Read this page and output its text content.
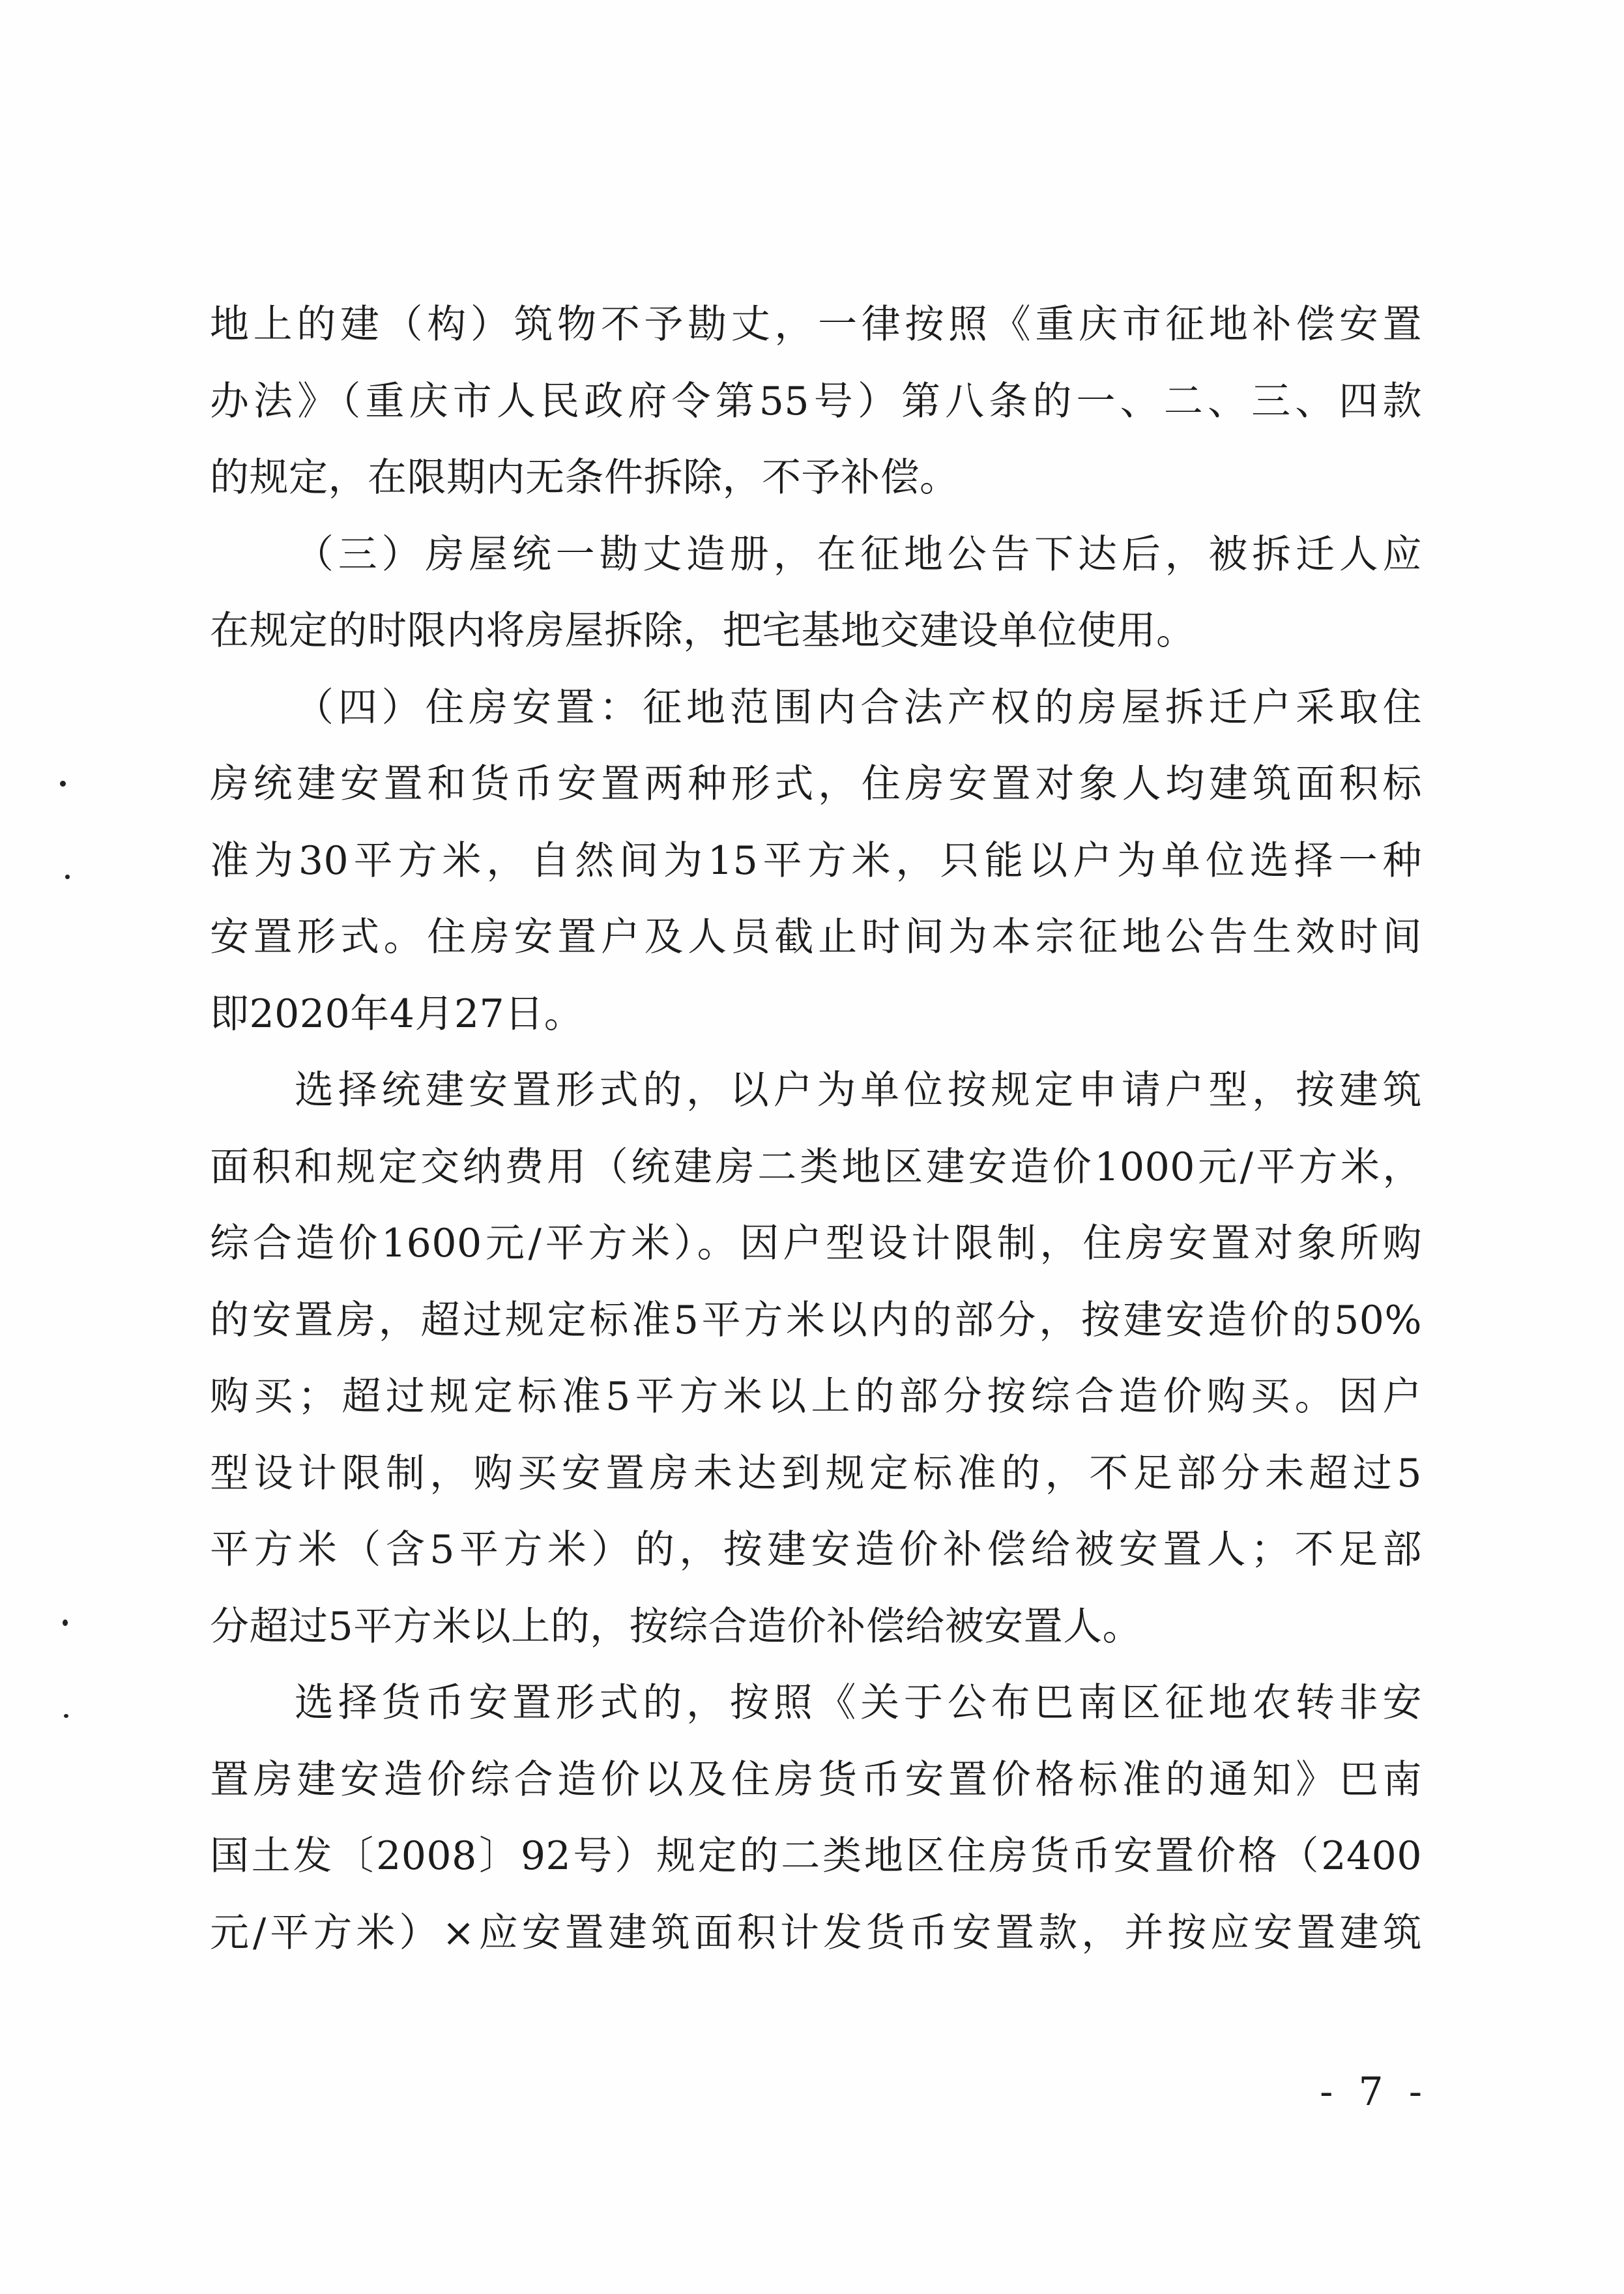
地上的建（构）筑物不予勘丈，一律按照《重庆市征地补偿安置
办法》（重庆市人民政府令第55号）第八条的一、二、三、四款
的规定，在限期内无条件拆除，不予补偿。
（三）房屋统一勘丈造册，在征地公告下达后，被拆迁人应
在规定的时限内将房屋拆除，把宅基地交建设单位使用。
（四）住房安置：征地范围内合法产权的房屋拆迁户采取住
房统建安置和货币安置两种形式，住房安置对象人均建筑面积标
准为30平方米，自然间为15平方米，只能以户为单位选择一种
安置形式。住房安置户及人员截止时间为本宗征地公告生效时间
即2020年4月27日。
选择统建安置形式的，以户为单位按规定申请户型，按建筑
面积和规定交纳费用（统建房二类地区建安造价1000元/平方米，
综合造价1600元/平方米）。因户型设计限制，住房安置对象所购
的安置房，超过规定标准5平方米以内的部分，按建安造价的50%
购买；超过规定标准5平方米以上的部分按综合造价购买。因户
型设计限制，购买安置房未达到规定标准的，不足部分未超过5
平方米（含5平方米）的，按建安造价补偿给被安置人；不足部
分超过5平方米以上的，按综合造价补偿给被安置人。
选择货币安置形式的，按照《关于公布巴南区征地农转非安
置房建安造价综合造价以及住房货币安置价格标准的通知》巴南
国土发〔2008〕92号）规定的二类地区住房货币安置价格（2400
元/平方米）×应安置建筑面积计发货币安置款，并按应安置建筑
- 7 -
